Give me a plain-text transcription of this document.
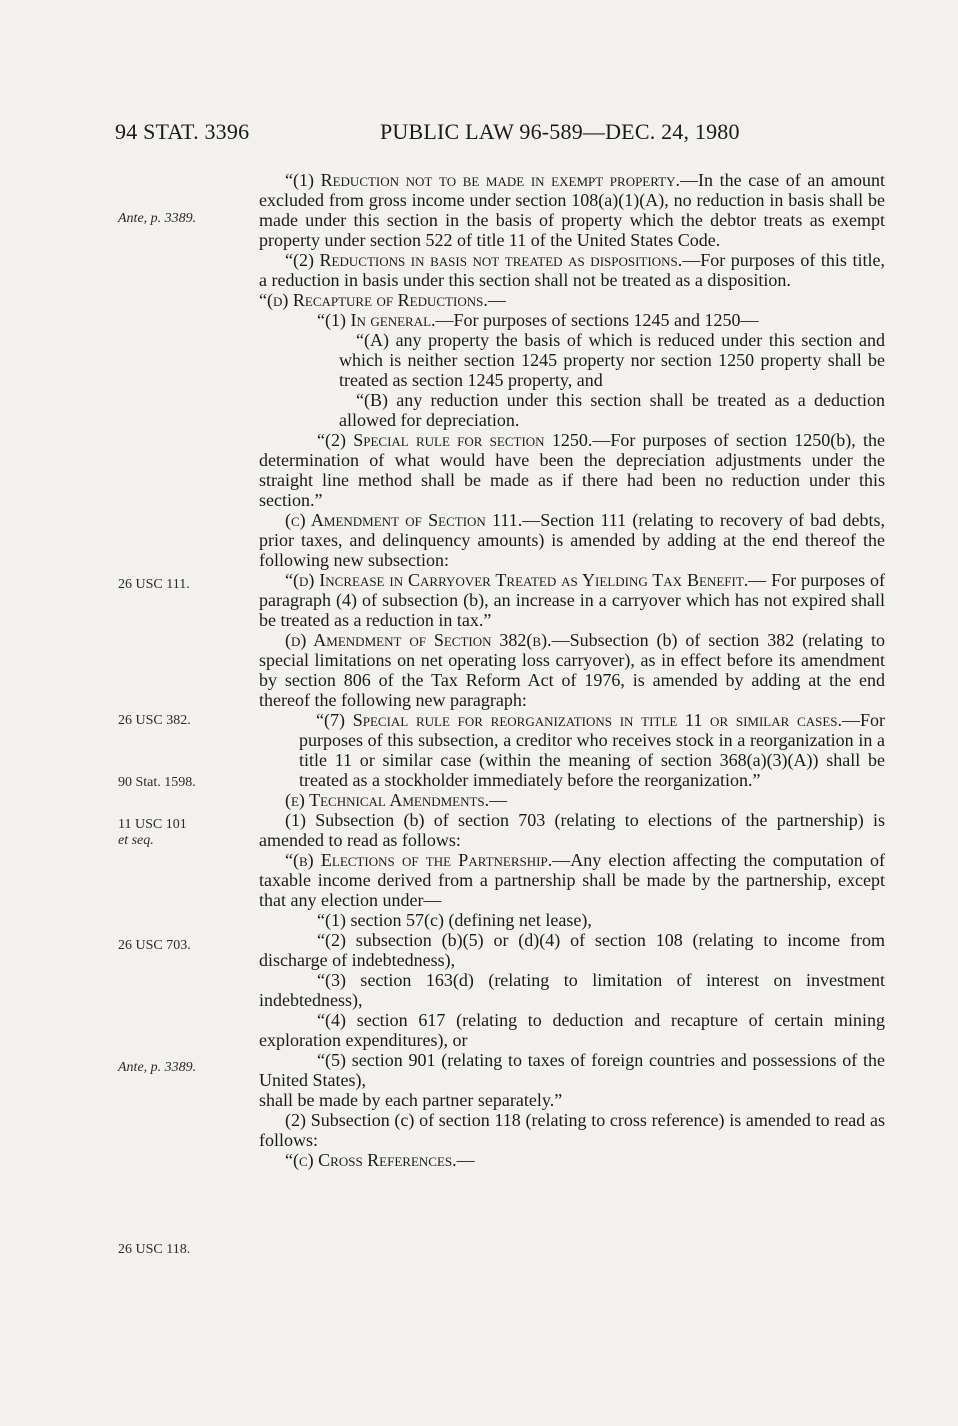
94 STAT. 3396	PUBLIC LAW 96-589—DEC. 24, 1980
Ante, p. 3389.
26 USC 111.
26 USC 382.
90 Stat. 1598.
11 USC 101
et seq.
26 USC 703.
Ante, p. 3389.
26 USC 118.

“(1) Reduction not to be made in exempt property.—In the case of an amount excluded from gross income under section 108(a)(1)(A), no reduction in basis shall be made under this section in the basis of property which the debtor treats as exempt property under section 522 of title 11 of the United States Code.

“(2) Reductions in basis not treated as dispositions.—For purposes of this title, a reduction in basis under this section shall not be treated as a disposition.

“(d) Recapture of Reductions.—

“(1) In general.—For purposes of sections 1245 and 1250—

“(A) any property the basis of which is reduced under this section and which is neither section 1245 property nor section 1250 property shall be treated as section 1245 property, and

“(B) any reduction under this section shall be treated as a deduction allowed for depreciation.

“(2) Special rule for section 1250.—For purposes of section 1250(b), the determination of what would have been the depreciation adjustments under the straight line method shall be made as if there had been no reduction under this section.”

(c) Amendment of Section 111.—Section 111 (relating to recovery of bad debts, prior taxes, and delinquency amounts) is amended by adding at the end thereof the following new subsection:

“(d) Increase in Carryover Treated as Yielding Tax Benefit.— For purposes of paragraph (4) of subsection (b), an increase in a carryover which has not expired shall be treated as a reduction in tax.”

(d) Amendment of Section 382(b).—Subsection (b) of section 382 (relating to special limitations on net operating loss carryover), as in effect before its amendment by section 806 of the Tax Reform Act of 1976, is amended by adding at the end thereof the following new paragraph:

“(7) Special rule for reorganizations in title 11 or similar cases.—For purposes of this subsection, a creditor who receives stock in a reorganization in a title 11 or similar case (within the meaning of section 368(a)(3)(A)) shall be treated as a stockholder immediately before the reorganization.”

(e) Technical Amendments.—

(1) Subsection (b) of section 703 (relating to elections of the partnership) is amended to read as follows:

“(b) Elections of the Partnership.—Any election affecting the computation of taxable income derived from a partnership shall be made by the partnership, except that any election under—

“(1) section 57(c) (defining net lease),

“(2) subsection (b)(5) or (d)(4) of section 108 (relating to income from discharge of indebtedness),

“(3) section 163(d) (relating to limitation of interest on investment indebtedness),

“(4) section 617 (relating to deduction and recapture of certain mining exploration expenditures), or

“(5) section 901 (relating to taxes of foreign countries and possessions of the United States),

shall be made by each partner separately.”

(2) Subsection (c) of section 118 (relating to cross reference) is amended to read as follows:

“(c) Cross References.—
